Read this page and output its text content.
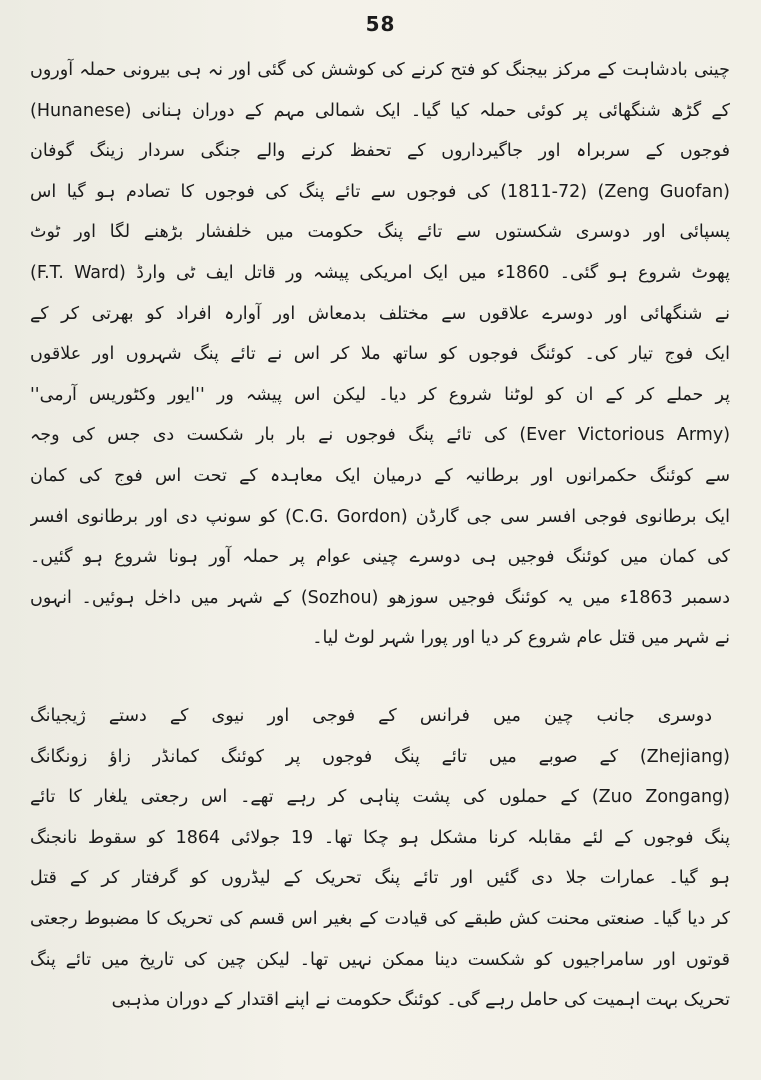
58
چینی بادشاہت کے مرکز بیجنگ کو فتح کرنے کی کوشش کی گئی اور نہ ہی بیرونی حملہ آوروں
کے گڑھ شنگھائی پر کوئی حملہ کیا گیا۔ ایک شمالی مہم کے دوران ہنانی (Hunanese)
فوجوں کے سربراہ اور جاگیرداروں کے تحفظ کرنے والے جنگی سردار زینگ گوفان
(Zeng Guofan) (1811-72) کی فوجوں سے تائے پنگ کی فوجوں کا تصادم ہو گیا اس
پسپائی اور دوسری شکستوں سے تائے پنگ حکومت میں خلفشار بڑھنے لگا اور ٹوٹ
پھوٹ شروع ہو گئی۔ 1860ء میں ایک امریکی پیشہ ور قاتل ایف ٹی وارڈ (F.T. Ward)
نے شنگھائی اور دوسرے علاقوں سے مختلف بدمعاش اور آوارہ افراد کو بھرتی کر کے
ایک فوج تیار کی۔ کوئنگ فوجوں کو ساتھ ملا کر اس نے تائے پنگ شہروں اور علاقوں
پر حملے کر کے ان کو لوٹنا شروع کر دیا۔ لیکن اس پیشہ ور ''ایور وکٹوریس آرمی''
(Ever Victorious Army) کی تائے پنگ فوجوں نے بار بار شکست دی جس کی وجہ
سے کوئنگ حکمرانوں اور برطانیہ کے درمیان ایک معاہدہ کے تحت اس فوج کی کمان
ایک برطانوی فوجی افسر سی جی گارڈن (C.G. Gordon) کو سونپ دی اور برطانوی افسر
کی کمان میں کوئنگ فوجیں ہی دوسرے چینی عوام پر حملہ آور ہونا شروع ہو گئیں۔
دسمبر 1863ء میں یہ کوئنگ فوجیں سوزھو (Sozhou) کے شہر میں داخل ہوئیں۔ انہوں
نے شہر میں قتل عام شروع کر دیا اور پورا شہر لوٹ لیا۔
دوسری جانب چین میں فرانس کے فوجی اور نیوی کے دستے ژیجیانگ
(Zhejiang) کے صوبے میں تائے پنگ فوجوں پر کوئنگ کمانڈر زاؤ زونگانگ
(Zuo Zongang) کے حملوں کی پشت پناہی کر رہے تھے۔ اس رجعتی یلغار کا تائے
پنگ فوجوں کے لئے مقابلہ کرنا مشکل ہو چکا تھا۔ 19 جولائی 1864 کو سقوط نانجنگ
ہو گیا۔ عمارات جلا دی گئیں اور تائے پنگ تحریک کے لیڈروں کو گرفتار کر کے قتل
کر دیا گیا۔ صنعتی محنت کش طبقے کی قیادت کے بغیر اس قسم کی تحریک کا مضبوط رجعتی
قوتوں اور سامراجیوں کو شکست دینا ممکن نہیں تھا۔ لیکن چین کی تاریخ میں تائے پنگ
تحریک بہت اہمیت کی حامل رہے گی۔ کوئنگ حکومت نے اپنے اقتدار کے دوران مذہبی
